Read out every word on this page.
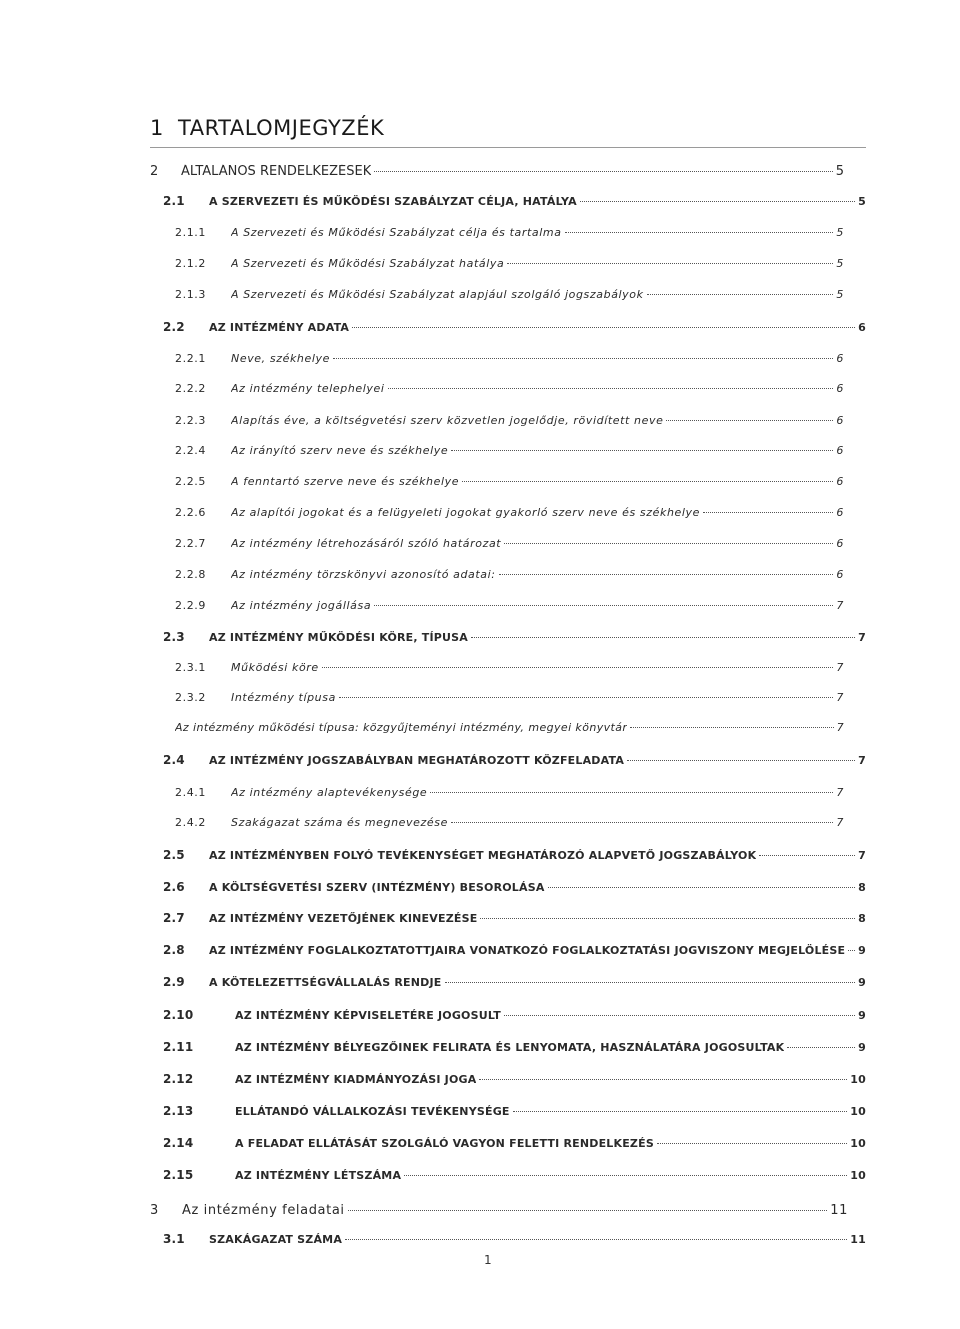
1 TARTALOMJEGYZÉK
2	ÁLTALÁNOS RENDELKEZÉSEK	5
2.1	A SZERVEZETI ÉS MŰKÖDÉSI SZABÁLYZAT CÉLJA, HATÁLYA	5
2.1.1	A Szervezeti és Működési Szabályzat célja és tartalma	5
2.1.2	A Szervezeti és Működési Szabályzat hatálya	5
2.1.3	A Szervezeti és Működési Szabályzat alapjául szolgáló jogszabályok	5
2.2	AZ INTÉZMÉNY ADATA	6
2.2.1	Neve, székhelye	6
2.2.2	Az intézmény telephelyei	6
2.2.3	Alapítás éve, a költségvetési szerv közvetlen jogelődje, rövidített neve	6
2.2.4	Az irányító szerv neve és székhelye	6
2.2.5	A fenntartó szerve neve és székhelye	6
2.2.6	Az alapítói jogokat és a felügyeleti jogokat gyakorló szerv neve és székhelye	6
2.2.7	Az intézmény létrehozásáról szóló határozat	6
2.2.8	Az intézmény törzskönyvi azonosító adatai:	6
2.2.9	Az intézmény jogállása	7
2.3	AZ INTÉZMÉNY MŰKÖDÉSI KÖRE, TÍPUSA	7
2.3.1	Működési köre	7
2.3.2	Intézmény típusa	7
Az intézmény működési típusa: közgyűjteményi intézmény, megyei könyvtár	7
2.4	AZ INTÉZMÉNY JOGSZABÁLYBAN MEGHATÁROZOTT KÖZFELADATA	7
2.4.1	Az intézmény alaptevékenysége	7
2.4.2	Szakágazat száma és megnevezése	7
2.5	AZ INTÉZMÉNYBEN FOLYÓ TEVÉKENYSÉGET MEGHATÁROZÓ ALAPVETŐ JOGSZABÁLYOK	7
2.6	A KÖLTSÉGVETÉSI SZERV (INTÉZMÉNY) BESOROLÁSA	8
2.7	AZ INTÉZMÉNY VEZETŐJÉNEK KINEVEZÉSE	8
2.8	AZ INTÉZMÉNY FOGLALKOZTATOTTJAIRA VONATKOZÓ FOGLALKOZTATÁSI JOGVISZONY MEGJELÖLÉSE 9
2.9	A KÖTELEZETTSÉGVÁLLALÁS RENDJE	9
2.10	AZ INTÉZMÉNY KÉPVISELETÉRE JOGOSULT	9
2.11	AZ INTÉZMÉNY BÉLYEGZŐINEK FELIRATA ÉS LENYOMATA, HASZNÁLATÁRA JOGOSULTAK	9
2.12	AZ INTÉZMÉNY KIADMÁNYOZÁSI JOGA	10
2.13	ELLÁTANDÓ VÁLLALKOZÁSI TEVÉKENYSÉGE	10
2.14	A FELADAT ELLÁTÁSÁT SZOLGÁLÓ VAGYON FELETTI RENDELKEZÉS	10
2.15	AZ INTÉZMÉNY LÉTSZÁMA	10
3	Az intézmény feladatai	11
3.1	SZAKÁGAZAT SZÁMA	11
1
